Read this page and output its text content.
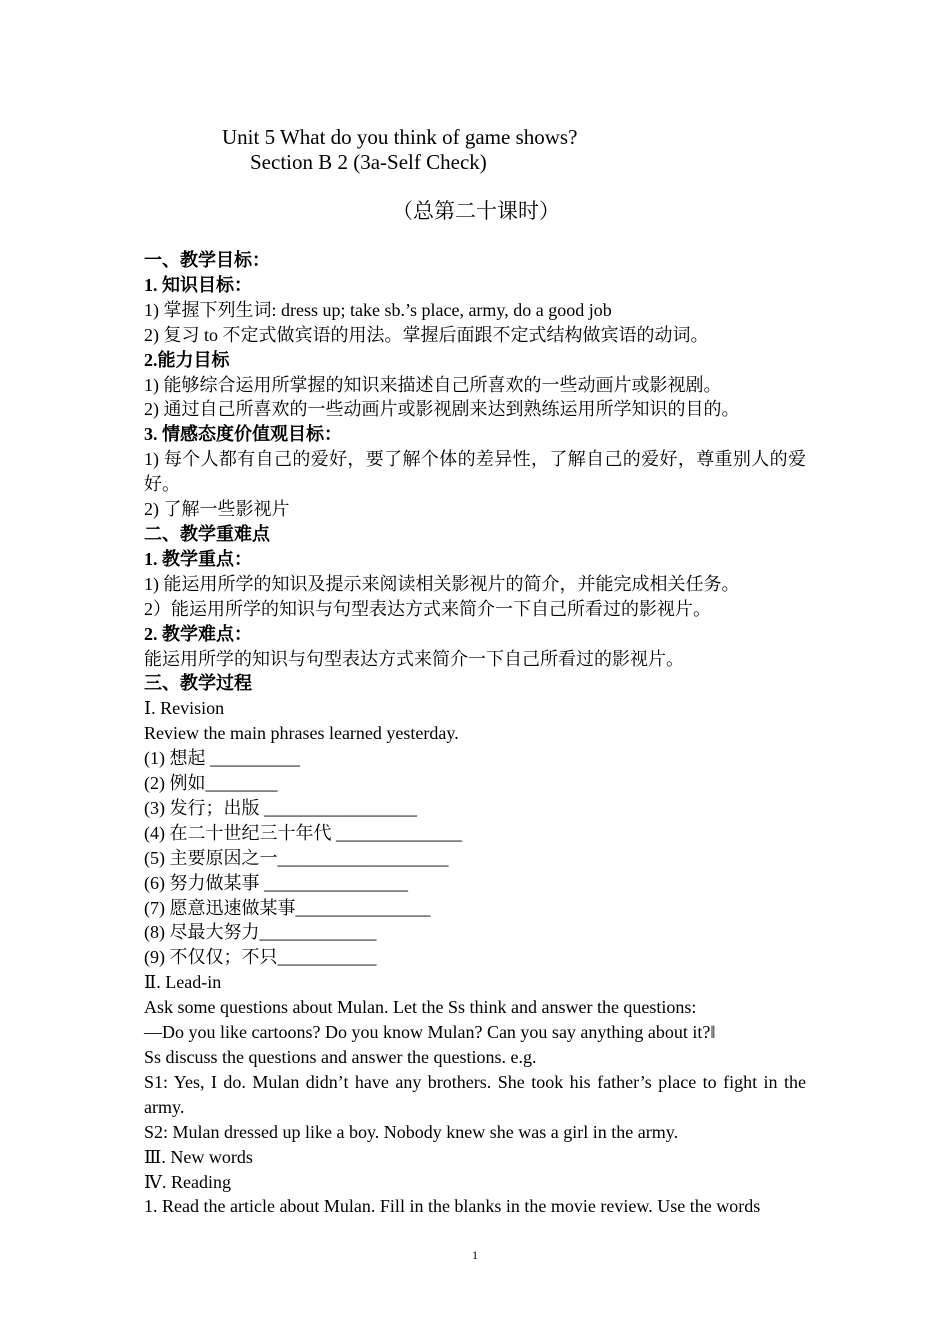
Unit 5 What do you think of game shows?
Section B 2 (3a-Self Check)
（总第二十课时）
一、教学目标：
1. 知识目标：
1) 掌握下列生词: dress up; take sb.’s place, army, do a good job
2) 复习 to 不定式做宾语的用法。掌握后面跟不定式结构做宾语的动词。
2.能力目标
1) 能够综合运用所掌握的知识来描述自己所喜欢的一些动画片或影视剧。
2) 通过自己所喜欢的一些动画片或影视剧来达到熟练运用所学知识的目的。
3. 情感态度价值观目标：
1) 每个人都有自己的爱好，要了解个体的差异性，了解自己的爱好，尊重别人的爱好。
2) 了解一些影视片
二、教学重难点
1. 教学重点：
1) 能运用所学的知识及提示来阅读相关影视片的简介，并能完成相关任务。
2）能运用所学的知识与句型表达方式来简介一下自己所看过的影视片。
2. 教学难点：
能运用所学的知识与句型表达方式来简介一下自己所看过的影视片。
三、教学过程
Ⅰ. Revision
Review the main phrases learned yesterday.
(1) 想起 __________
(2) 例如________
(3) 发行；出版 _________________
(4) 在二十世纪三十年代 ______________
(5) 主要原因之一___________________
(6) 努力做某事 ________________
(7) 愿意迅速做某事_______________
(8) 尽最大努力_____________
(9) 不仅仅；不只___________
Ⅱ. Lead-in
Ask some questions about Mulan. Let the Ss think and answer the questions:
—Do you like cartoons? Do you know Mulan? Can you say anything about it?‖
Ss discuss the questions and answer the questions. e.g.
S1: Yes, I do. Mulan didn’t have any brothers. She took his father’s place to fight in the army.
S2: Mulan dressed up like a boy. Nobody knew she was a girl in the army.
Ⅲ. New words
Ⅳ. Reading
1. Read the article about Mulan. Fill in the blanks in the movie review. Use the words
1
